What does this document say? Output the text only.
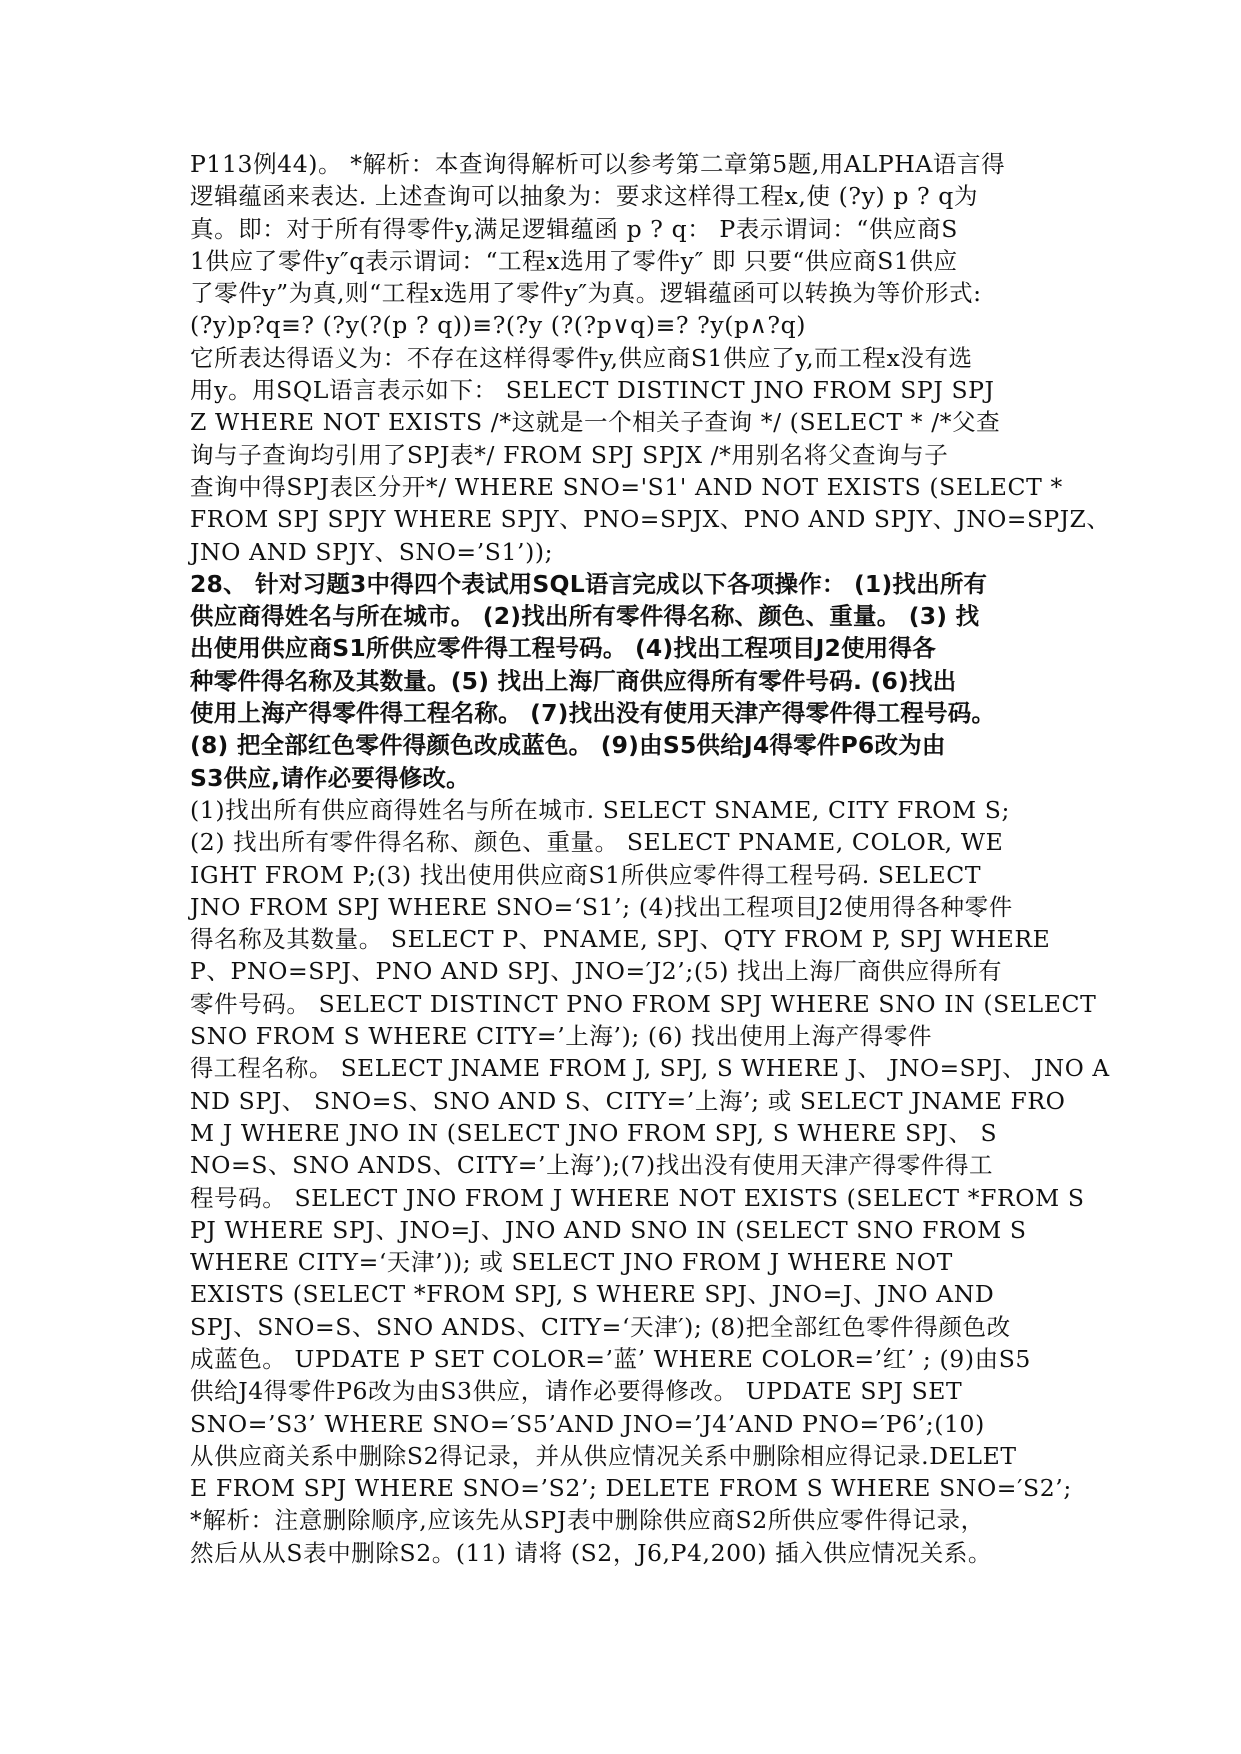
P113例44)。 *解析：本查询得解析可以参考第二章第5题,用ALPHA语言得
逻辑蕴函来表达. 上述查询可以抽象为：要求这样得工程x,使 (?y) p ? q为
真。即：对于所有得零件y,满足逻辑蕴函 p ? q： P表示谓词：“供应商S
1供应了零件y″q表示谓词：“工程x选用了零件y″ 即 只要“供应商S1供应
了零件y”为真,则“工程x选用了零件y″为真。逻辑蕴函可以转换为等价形式:
(?y)p?q≡? (?y(?(p ? q))≡?(?y (?(?p∨q)≡? ?y(p∧?q)
它所表达得语义为：不存在这样得零件y,供应商S1供应了y,而工程x没有选
用y。用SQL语言表示如下： SELECT DISTINCT JNO FROM SPJ SPJ
Z WHERE NOT EXISTS /*这就是一个相关子查询 */ (SELECT * /*父查
询与子查询均引用了SPJ表*/ FROM SPJ SPJX /*用别名将父查询与子
查询中得SPJ表区分开*/ WHERE SNO='S1' AND NOT EXISTS (SELECT *
FROM SPJ SPJY WHERE SPJY、PNO=SPJX、PNO AND SPJY、JNO=SPJZ、
JNO AND SPJY、SNO=’S1’));
28、 针对习题3中得四个表试用SQL语言完成以下各项操作： (1)找出所有
供应商得姓名与所在城市。 (2)找出所有零件得名称、颜色、重量。 (3) 找
出使用供应商S1所供应零件得工程号码。 (4)找出工程项目J2使用得各
种零件得名称及其数量。(5) 找出上海厂商供应得所有零件号码. (6)找出
使用上海产得零件得工程名称。 (7)找出没有使用天津产得零件得工程号码。
(8) 把全部红色零件得颜色改成蓝色。 (9)由S5供给J4得零件P6改为由
S3供应,请作必要得修改。
(1)找出所有供应商得姓名与所在城市. SELECT SNAME, CITY FROM S;
(2) 找出所有零件得名称、颜色、重量。 SELECT PNAME, COLOR, WE
IGHT FROM P;(3) 找出使用供应商S1所供应零件得工程号码. SELECT
JNO FROM SPJ WHERE SNO=‘S1’; (4)找出工程项目J2使用得各种零件
得名称及其数量。 SELECT P、PNAME, SPJ、QTY FROM P, SPJ WHERE
P、PNO=SPJ、PNO AND SPJ、JNO=′J2’;(5) 找出上海厂商供应得所有
零件号码。 SELECT DISTINCT PNO FROM SPJ WHERE SNO IN (SELECT
SNO FROM S WHERE CITY=’上海’); (6) 找出使用上海产得零件
得工程名称。 SELECT JNAME FROM J, SPJ, S WHERE J、 JNO=SPJ、 JNO A
ND SPJ、 SNO=S、SNO AND S、CITY=’上海’; 或 SELECT JNAME FRO
M J WHERE JNO IN (SELECT JNO FROM SPJ, S WHERE SPJ、 S
NO=S、SNO ANDS、CITY=’上海’);(7)找出没有使用天津产得零件得工
程号码。 SELECT JNO FROM J WHERE NOT EXISTS (SELECT *FROM S
PJ WHERE SPJ、JNO=J、JNO AND SNO IN (SELECT SNO FROM S
WHERE CITY=‘天津’)); 或 SELECT JNO FROM J WHERE NOT
EXISTS (SELECT *FROM SPJ, S WHERE SPJ、JNO=J、JNO AND
SPJ、SNO=S、SNO ANDS、CITY=‘天津′); (8)把全部红色零件得颜色改
成蓝色。 UPDATE P SET COLOR=’蓝’ WHERE COLOR=’红’ ; (9)由S5
供给J4得零件P6改为由S3供应，请作必要得修改。 UPDATE SPJ SET
SNO=’S3’ WHERE SNO=′S5’AND JNO=’J4’AND PNO=′P6’;(10)
从供应商关系中删除S2得记录，并从供应情况关系中删除相应得记录.DELET
E FROM SPJ WHERE SNO=’S2’; DELETE FROM S WHERE SNO=′S2’;
*解析：注意删除顺序,应该先从SPJ表中删除供应商S2所供应零件得记录，
然后从从S表中删除S2。(11) 请将 (S2，J6,P4,200) 插入供应情况关系。
